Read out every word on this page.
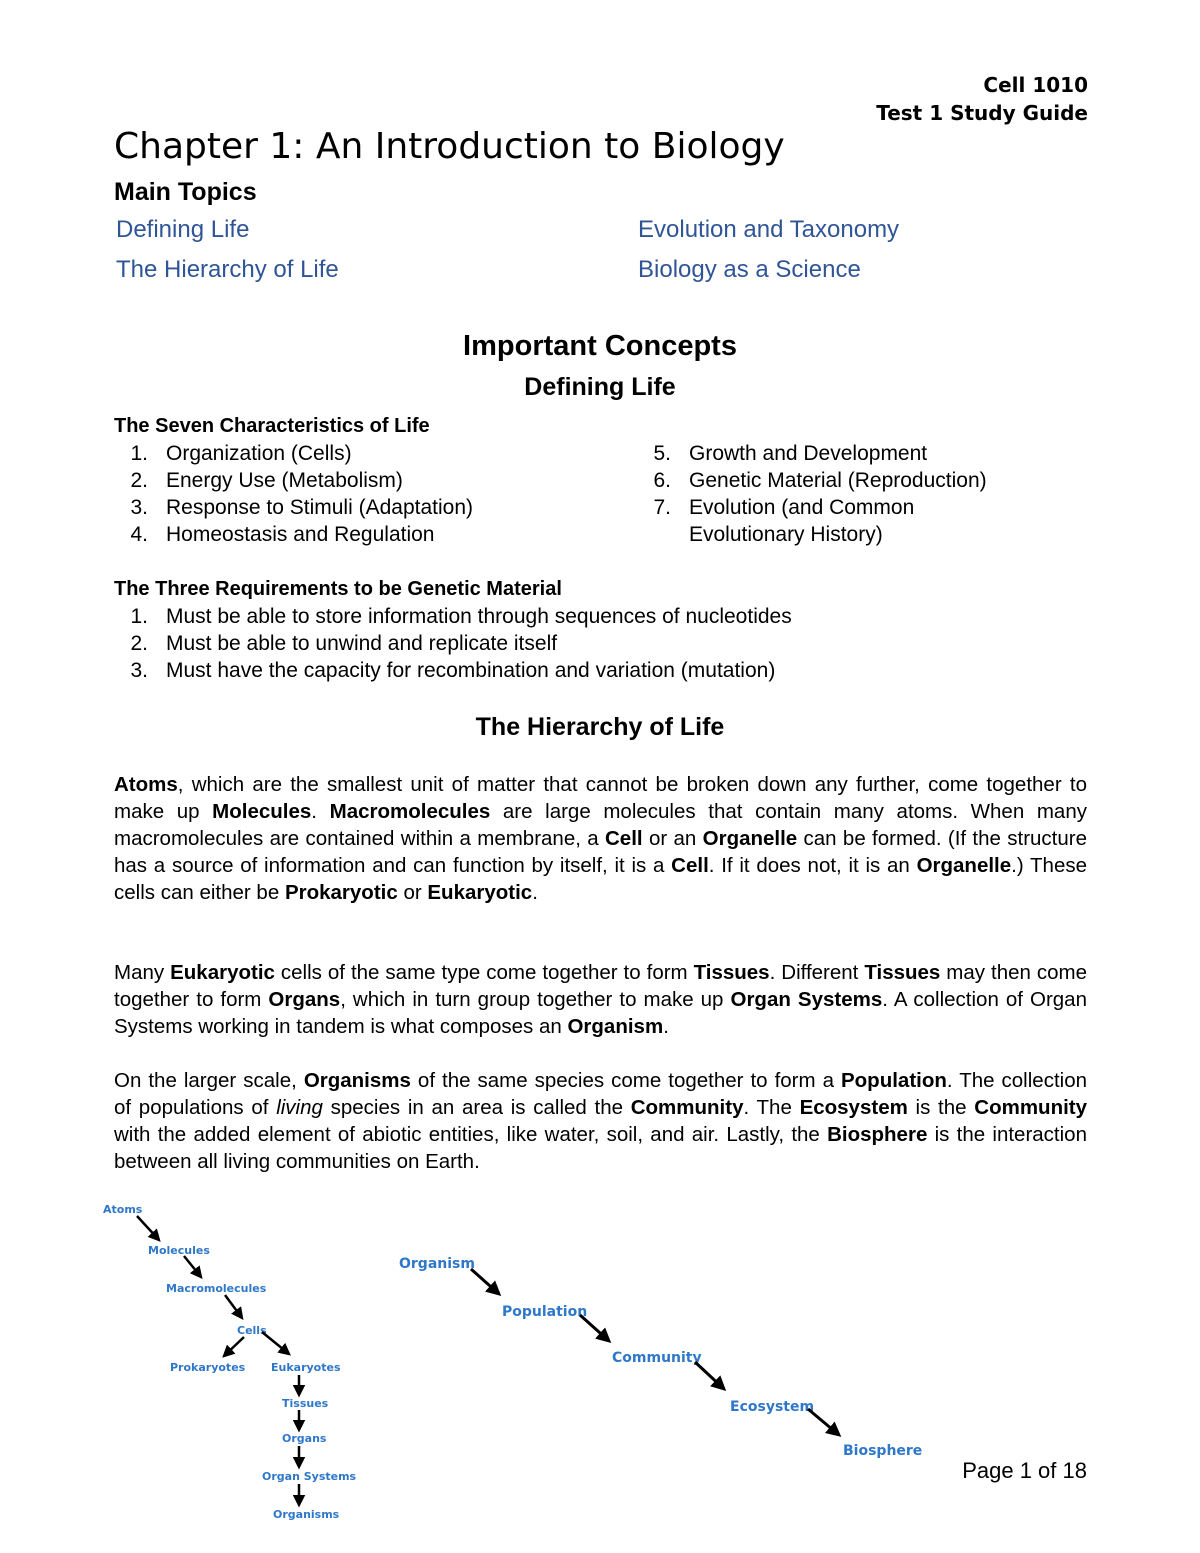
Cell 1010
Test 1 Study Guide
Chapter 1: An Introduction to Biology
Main Topics
Defining Life	Evolution and Taxonomy
The Hierarchy of Life	Biology as a Science
Important Concepts
Defining Life
The Seven Characteristics of Life
1. Organization (Cells)
2. Energy Use (Metabolism)
3. Response to Stimuli (Adaptation)
4. Homeostasis and Regulation
5. Growth and Development
6. Genetic Material (Reproduction)
7. Evolution (and Common
Evolutionary History)
The Three Requirements to be Genetic Material
1. Must be able to store information through sequences of nucleotides
2. Must be able to unwind and replicate itself
3. Must have the capacity for recombination and variation (mutation)
The Hierarchy of Life
Atoms, which are the smallest unit of matter that cannot be broken down any further, come together to make up Molecules. Macromolecules are large molecules that contain many atoms. When many macromolecules are contained within a membrane, a Cell or an Organelle can be formed. (If the structure has a source of information and can function by itself, it is a Cell. If it does not, it is an Organelle.) These cells can either be Prokaryotic or Eukaryotic.
Many Eukaryotic cells of the same type come together to form Tissues. Different Tissues may then come together to form Organs, which in turn group together to make up Organ Systems. A collection of Organ Systems working in tandem is what composes an Organism.
On the larger scale, Organisms of the same species come together to form a Population. The collection of populations of living species in an area is called the Community. The Ecosystem is the Community with the added element of abiotic entities, like water, soil, and air. Lastly, the Biosphere is the interaction between all living communities on Earth.
Atoms
Molecules
Macromolecules
Cells
Prokaryotes Eukaryotes
Tissues
Organs
Organ Systems
Organisms
Organism
Population
Community
Ecosystem
Biosphere
Page 1 of 18
